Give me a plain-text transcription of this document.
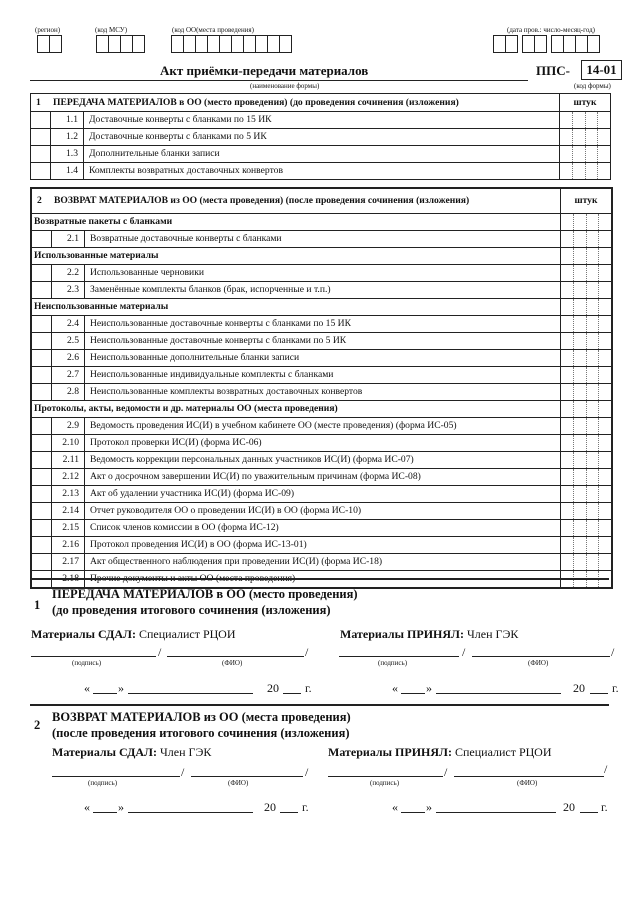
(регион)	(код МСУ)	(код ОО(места проведения)	(дата пров.: число-месяц-год)
Акт приёмки-передачи материалов
(наименование формы)
ППС-	14-01
(код формы)
1 ПЕРЕДАЧА МАТЕРИАЛОВ в ОО (место проведения) (до проведения сочинения (изложения)	штук
1.1	Доставочные конверты с бланками по 15 ИК
1.2	Доставочные конверты с бланками по 5 ИК
1.3	Дополнительные бланки записи
1.4	Комплекты возвратных доставочных конвертов
2 ВОЗВРАТ МАТЕРИАЛОВ из ОО (места проведения) (после проведения сочинения (изложения)	штук
Возвратные пакеты с бланками
2.1	Возвратные доставочные конверты с бланками
Использованные материалы
2.2	Использованные черновики
2.3	Заменённые комплекты бланков (брак, испорченные и т.п.)
Неиспользованные материалы
2.4	Неиспользованные доставочные конверты с бланками по 15 ИК
2.5	Неиспользованные доставочные конверты с бланками по 5 ИК
2.6	Неиспользованные дополнительные бланки записи
2.7	Неиспользованные индивидуальные комплекты с бланками
2.8	Неиспользованные комплекты возвратных доставочных конвертов
Протоколы, акты, ведомости и др. материалы ОО (места проведения)
2.9	Ведомость проведения ИС(И) в учебном кабинете ОО (месте проведения) (форма ИС-05)
2.10	Протокол проверки ИС(И) (форма ИС-06)
2.11	Ведомость коррекции персональных данных участников ИС(И) (форма ИС-07)
2.12	Акт о досрочном завершении ИС(И) по уважительным причинам (форма ИС-08)
2.13	Акт об удалении участника ИС(И) (форма ИС-09)
2.14	Отчет руководителя ОО о проведении ИС(И) в ОО (форма ИС-10)
2.15	Список членов комиссии в ОО (форма ИС-12)
2.16	Протокол проведения ИС(И) в ОО (форма ИС-13-01)
2.17	Акт общественного наблюдения при проведении ИС(И) (форма ИС-18)
2.18	Прочие документы и акты ОО (места проведения)
1
ПЕРЕДАЧА МАТЕРИАЛОВ в ОО (место проведения)
(до проведения итогового сочинения (изложения)
Материалы СДАЛ: Специалист РЦОИ	Материалы ПРИНЯЛ: Член ГЭК
/	/
(подпись)	(ФИО)
/	/
(подпись)	(ФИО)
« »	20 г.	« »	20 г.
2
ВОЗВРАТ МАТЕРИАЛОВ из ОО (места проведения)
(после проведения итогового сочинения (изложения)
Материалы СДАЛ: Член ГЭК	Материалы ПРИНЯЛ: Специалист РЦОИ
/	/
(подпись)	(ФИО)
/	/
(подпись)	(ФИО)
« »	20 г.	« »	20 г.
